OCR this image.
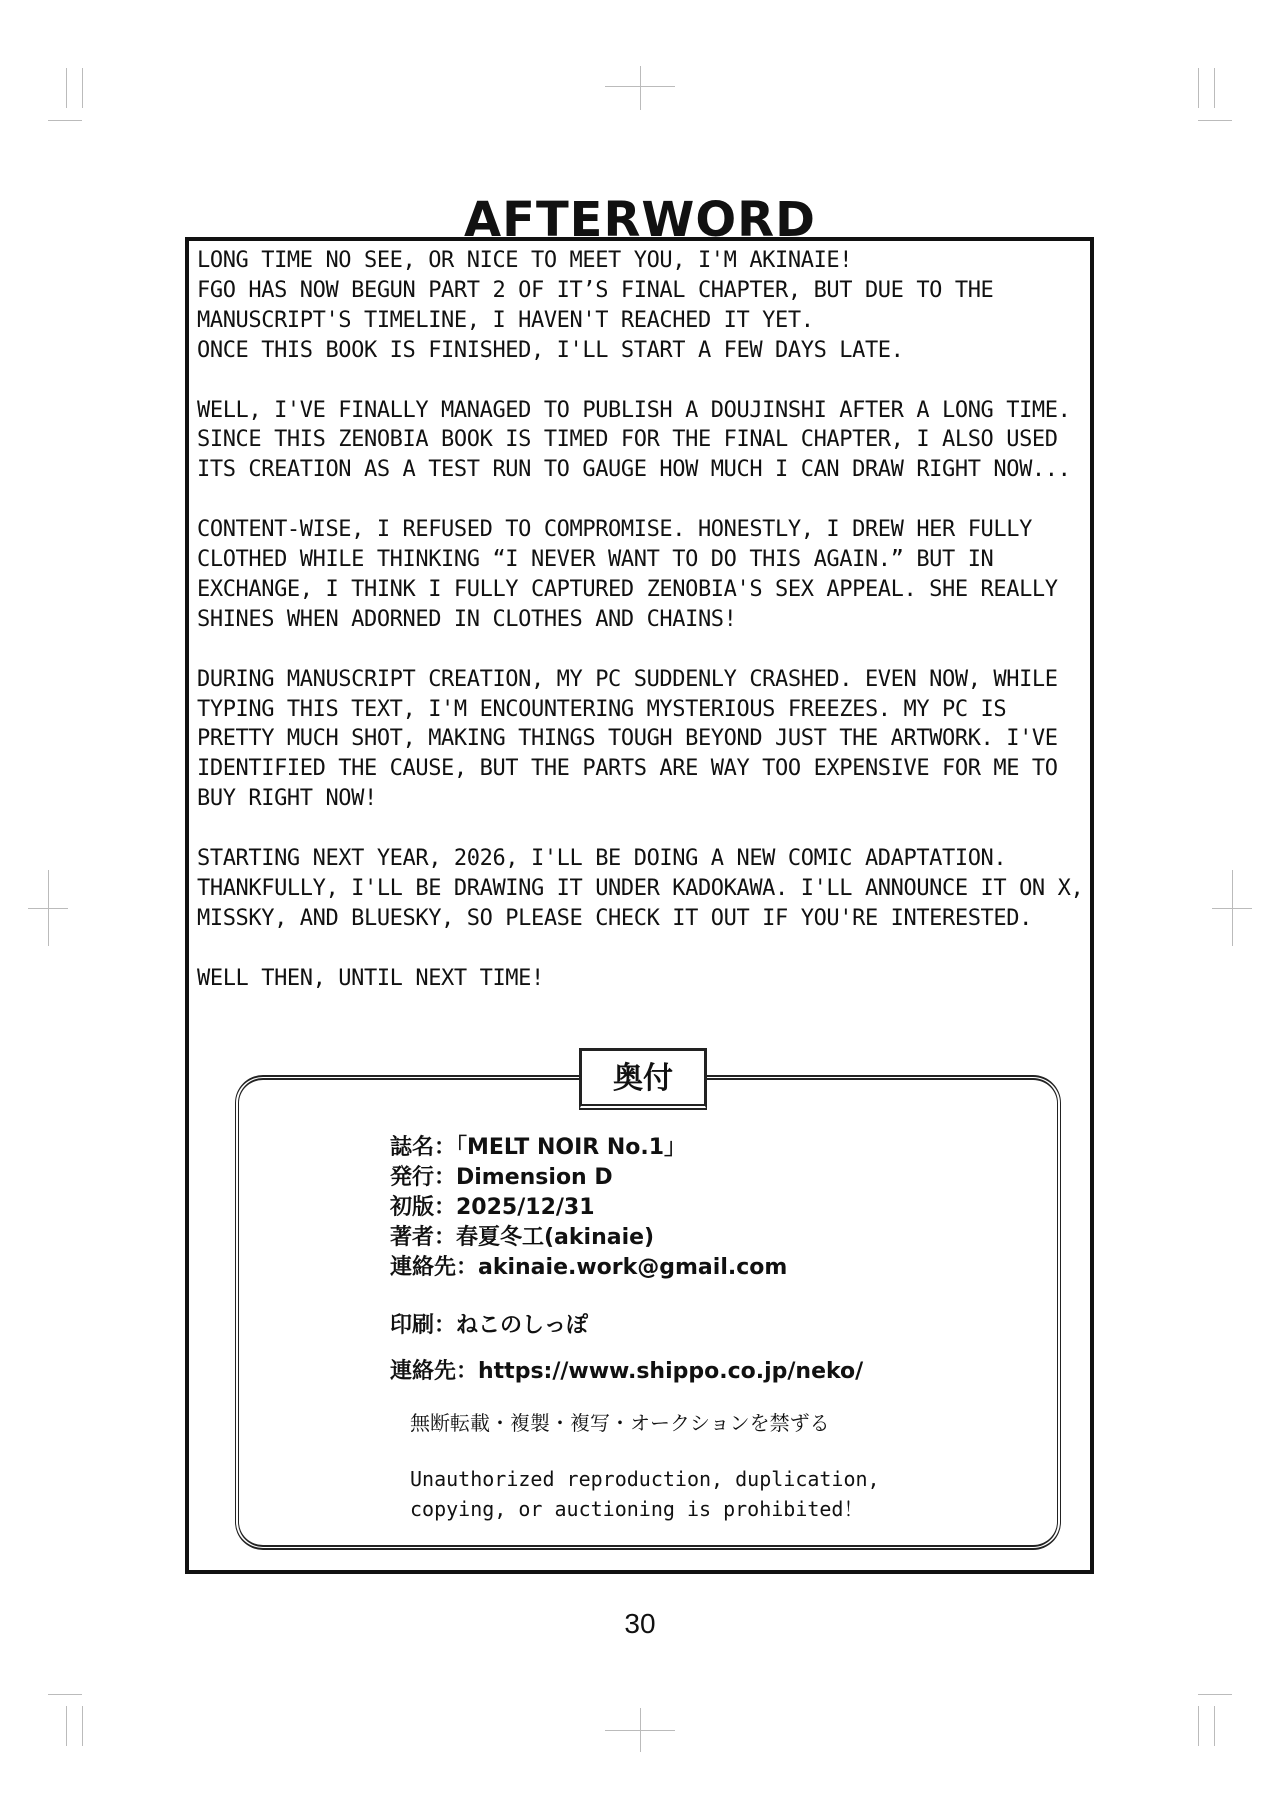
AFTERWORD

LONG TIME NO SEE, OR NICE TO MEET YOU, I'M AKINAIE!
FGO HAS NOW BEGUN PART 2 OF IT’S FINAL CHAPTER, BUT DUE TO THE MANUSCRIPT'S TIMELINE, I HAVEN'T REACHED IT YET.
ONCE THIS BOOK IS FINISHED, I'LL START A FEW DAYS LATE.

WELL, I'VE FINALLY MANAGED TO PUBLISH A DOUJINSHI AFTER A LONG TIME. SINCE THIS ZENOBIA BOOK IS TIMED FOR THE FINAL CHAPTER, I ALSO USED ITS CREATION AS A TEST RUN TO GAUGE HOW MUCH I CAN DRAW RIGHT NOW...

CONTENT-WISE, I REFUSED TO COMPROMISE. HONESTLY, I DREW HER FULLY CLOTHED WHILE THINKING “I NEVER WANT TO DO THIS AGAIN.” BUT IN EXCHANGE, I THINK I FULLY CAPTURED ZENOBIA'S SEX APPEAL. SHE REALLY SHINES WHEN ADORNED IN CLOTHES AND CHAINS!

DURING MANUSCRIPT CREATION, MY PC SUDDENLY CRASHED. EVEN NOW, WHILE TYPING THIS TEXT, I'M ENCOUNTERING MYSTERIOUS FREEZES. MY PC IS PRETTY MUCH SHOT, MAKING THINGS TOUGH BEYOND JUST THE ARTWORK. I'VE IDENTIFIED THE CAUSE, BUT THE PARTS ARE WAY TOO EXPENSIVE FOR ME TO BUY RIGHT NOW!

STARTING NEXT YEAR, 2026, I'LL BE DOING A NEW COMIC ADAPTATION. THANKFULLY, I'LL BE DRAWING IT UNDER KADOKAWA. I'LL ANNOUNCE IT ON X, MISSKY, AND BLUESKY, SO PLEASE CHECK IT OUT IF YOU'RE INTERESTED.

WELL THEN, UNTIL NEXT TIME!

奥付
誌名：「MELT NOIR No.1」
発行：Dimension D
初版：2025/12/31
著者：春夏冬工(akinaie)
連絡先：akinaie.work@gmail.com
印刷：ねこのしっぽ
連絡先：https://www.shippo.co.jp/neko/
無断転載・複製・複写・オークションを禁ずる
Unauthorized reproduction, duplication,
copying, or auctioning is prohibited！
30
